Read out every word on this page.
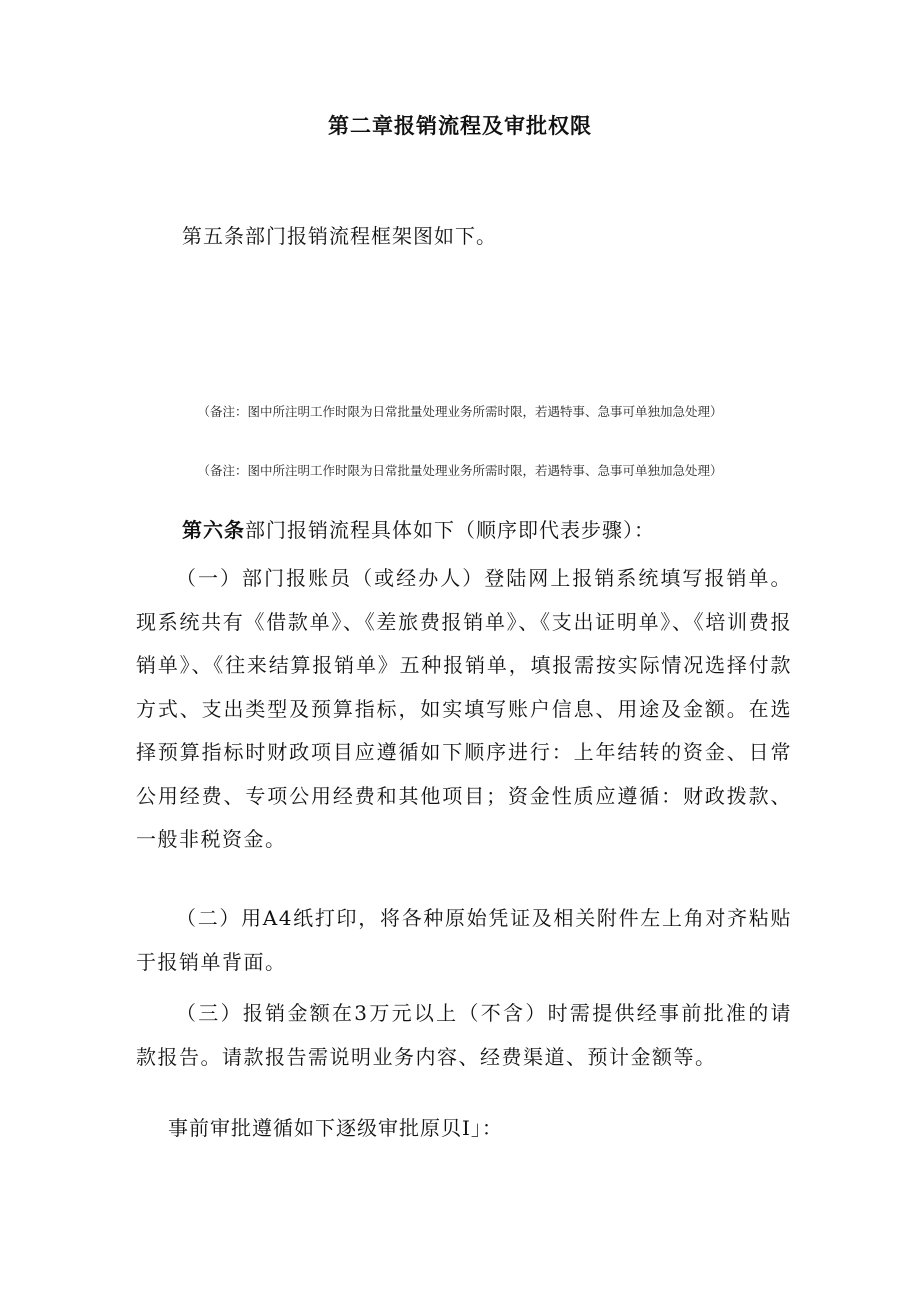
第二章报销流程及审批权限
第五条部门报销流程框架图如下。
（备注：图中所注明工作时限为日常批量处理业务所需时限，若遇特事、急事可单独加急处理）
（备注：图中所注明工作时限为日常批量处理业务所需时限，若遇特事、急事可单独加急处理）
第六条部门报销流程具体如下（顺序即代表步骤）：

（一）部门报账员（或经办人）登陆网上报销系统填写报销单。现系统共有《借款单》、《差旅费报销单》、《支出证明单》、《培训费报销单》、《往来结算报销单》五种报销单，填报需按实际情况选择付款方式、支出类型及预算指标，如实填写账户信息、用途及金额。在选择预算指标时财政项目应遵循如下顺序进行：上年结转的资金、日常公用经费、专项公用经费和其他项目；资金性质应遵循：财政拨款、一般非税资金。

（二）用A4纸打印，将各种原始凭证及相关附件左上角对齐粘贴于报销单背面。

（三）报销金额在3万元以上（不含）时需提供经事前批准的请款报告。请款报告需说明业务内容、经费渠道、预计金额等。

事前审批遵循如下逐级审批原贝I」：
